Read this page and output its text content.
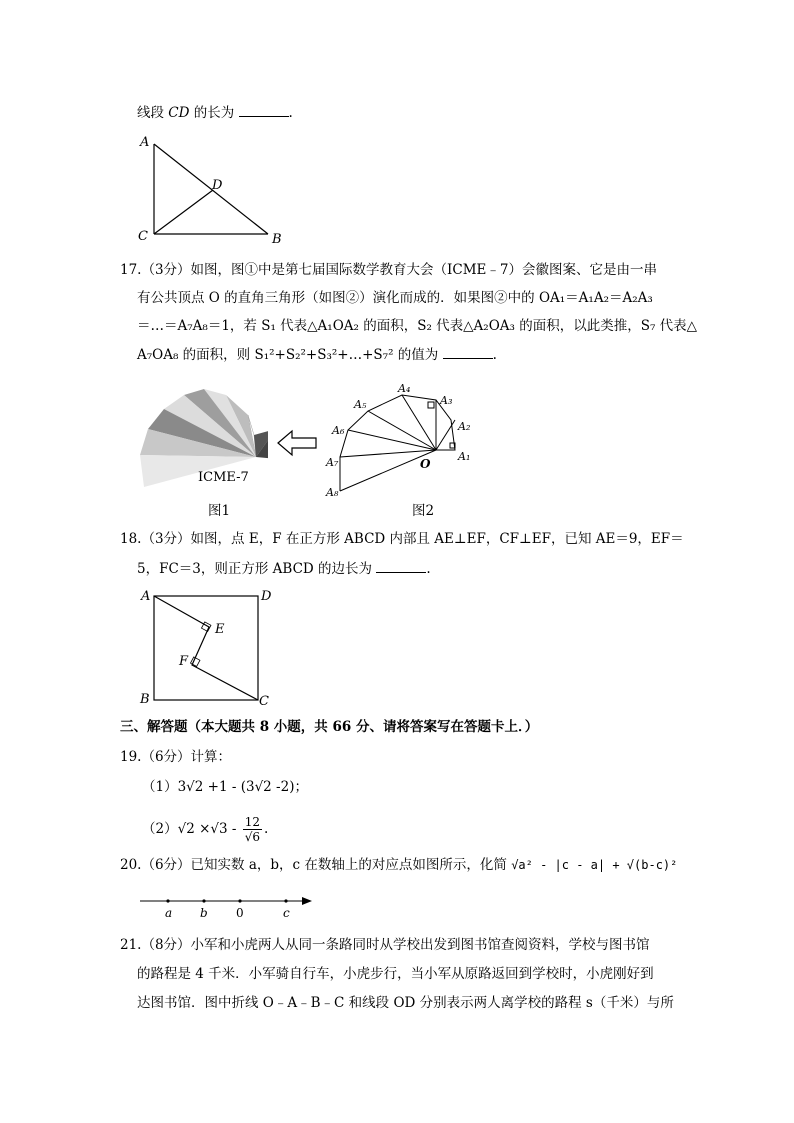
线段 CD 的长为	.
A
C	B
D
17.（3分）如图，图①中是第七届国际数学教育大会（ICME﹣7）会徽图案、它是由一串
有公共顶点 O 的直角三角形（如图②）演化而成的．如果图②中的 OA₁＝A₁A₂＝A₂A₃
＝…＝A₇A₈＝1，若 S₁ 代表△A₁OA₂ 的面积，S₂ 代表△A₂OA₃ 的面积，以此类推，S₇ 代表△
A₇OA₈ 的面积，则 S₁²+S₂²+S₃²+…+S₇² 的值为	.
ICME-7
A₁
A₂
A₃
A₄
A₅
A₆
A₇
A₈
O
图1	图2
18.（3分）如图，点 E，F 在正方形 ABCD 内部且 AE⊥EF，CF⊥EF，已知 AE＝9，EF＝
5，FC＝3，则正方形 ABCD 的边长为	.
A	D
B	C
E
F
三、解答题（本大题共 8 小题，共 66 分、请将答案写在答题卡上．）
19.（6分）计算：
（1）3√2 +1 - (3√2 -2)；
$(2)√2 \times√3 - \frac{12}{√6}$ .
20.（6分）已知实数 a，b，c 在数轴上的对应点如图所示，化简 √a² - |c - a| + √(b-c)²
a b 0	c
21.（8分）小军和小虎两人从同一条路同时从学校出发到图书馆查阅资料，学校与图书馆
的路程是 4 千米．小军骑自行车，小虎步行，当小军从原路返回到学校时，小虎刚好到
达图书馆．图中折线 O﹣A﹣B﹣C 和线段 OD 分别表示两人离学校的路程 s（千米）与所
